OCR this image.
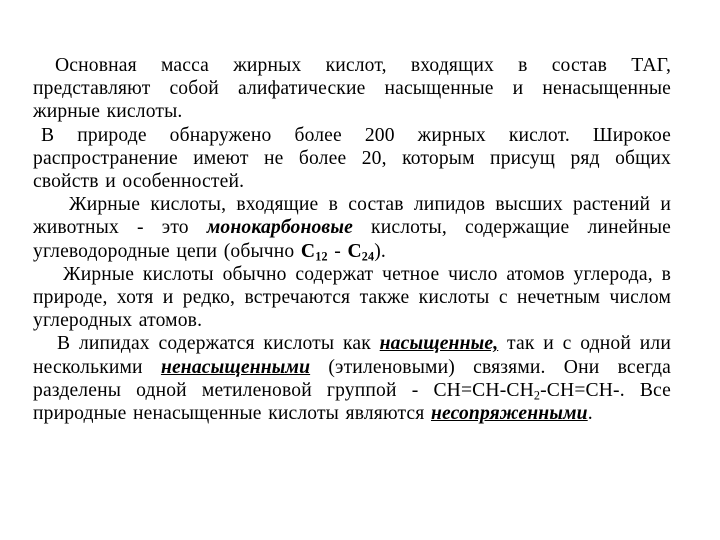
Основная масса жирных кислот, входящих в состав ТАГ, представляют собой алифатические насыщенные и ненасыщенные жирные кислоты.

В природе обнаружено более 200 жирных кислот. Широкое распространение имеют не более 20, которым присущ ряд общих свойств и особенностей.

Жирные кислоты, входящие в состав липидов высших растений и животных - это монокарбоновые кислоты, содержащие линейные углеводородные цепи (обычно $С_{12} - С_{24}$).

Жирные кислоты обычно содержат четное число атомов углерода, в природе, хотя и редко, встречаются также кислоты с нечетным числом углеродных атомов.

В липидах содержатся кислоты как насыщенные, так и с одной или несколькими ненасыщенными (этиленовыми) связями. Они всегда разделены одной метиленовой группой - $СН=СН-СН_2-СН=СН-$. Все природные ненасыщенные кислоты являются несопряженными.
